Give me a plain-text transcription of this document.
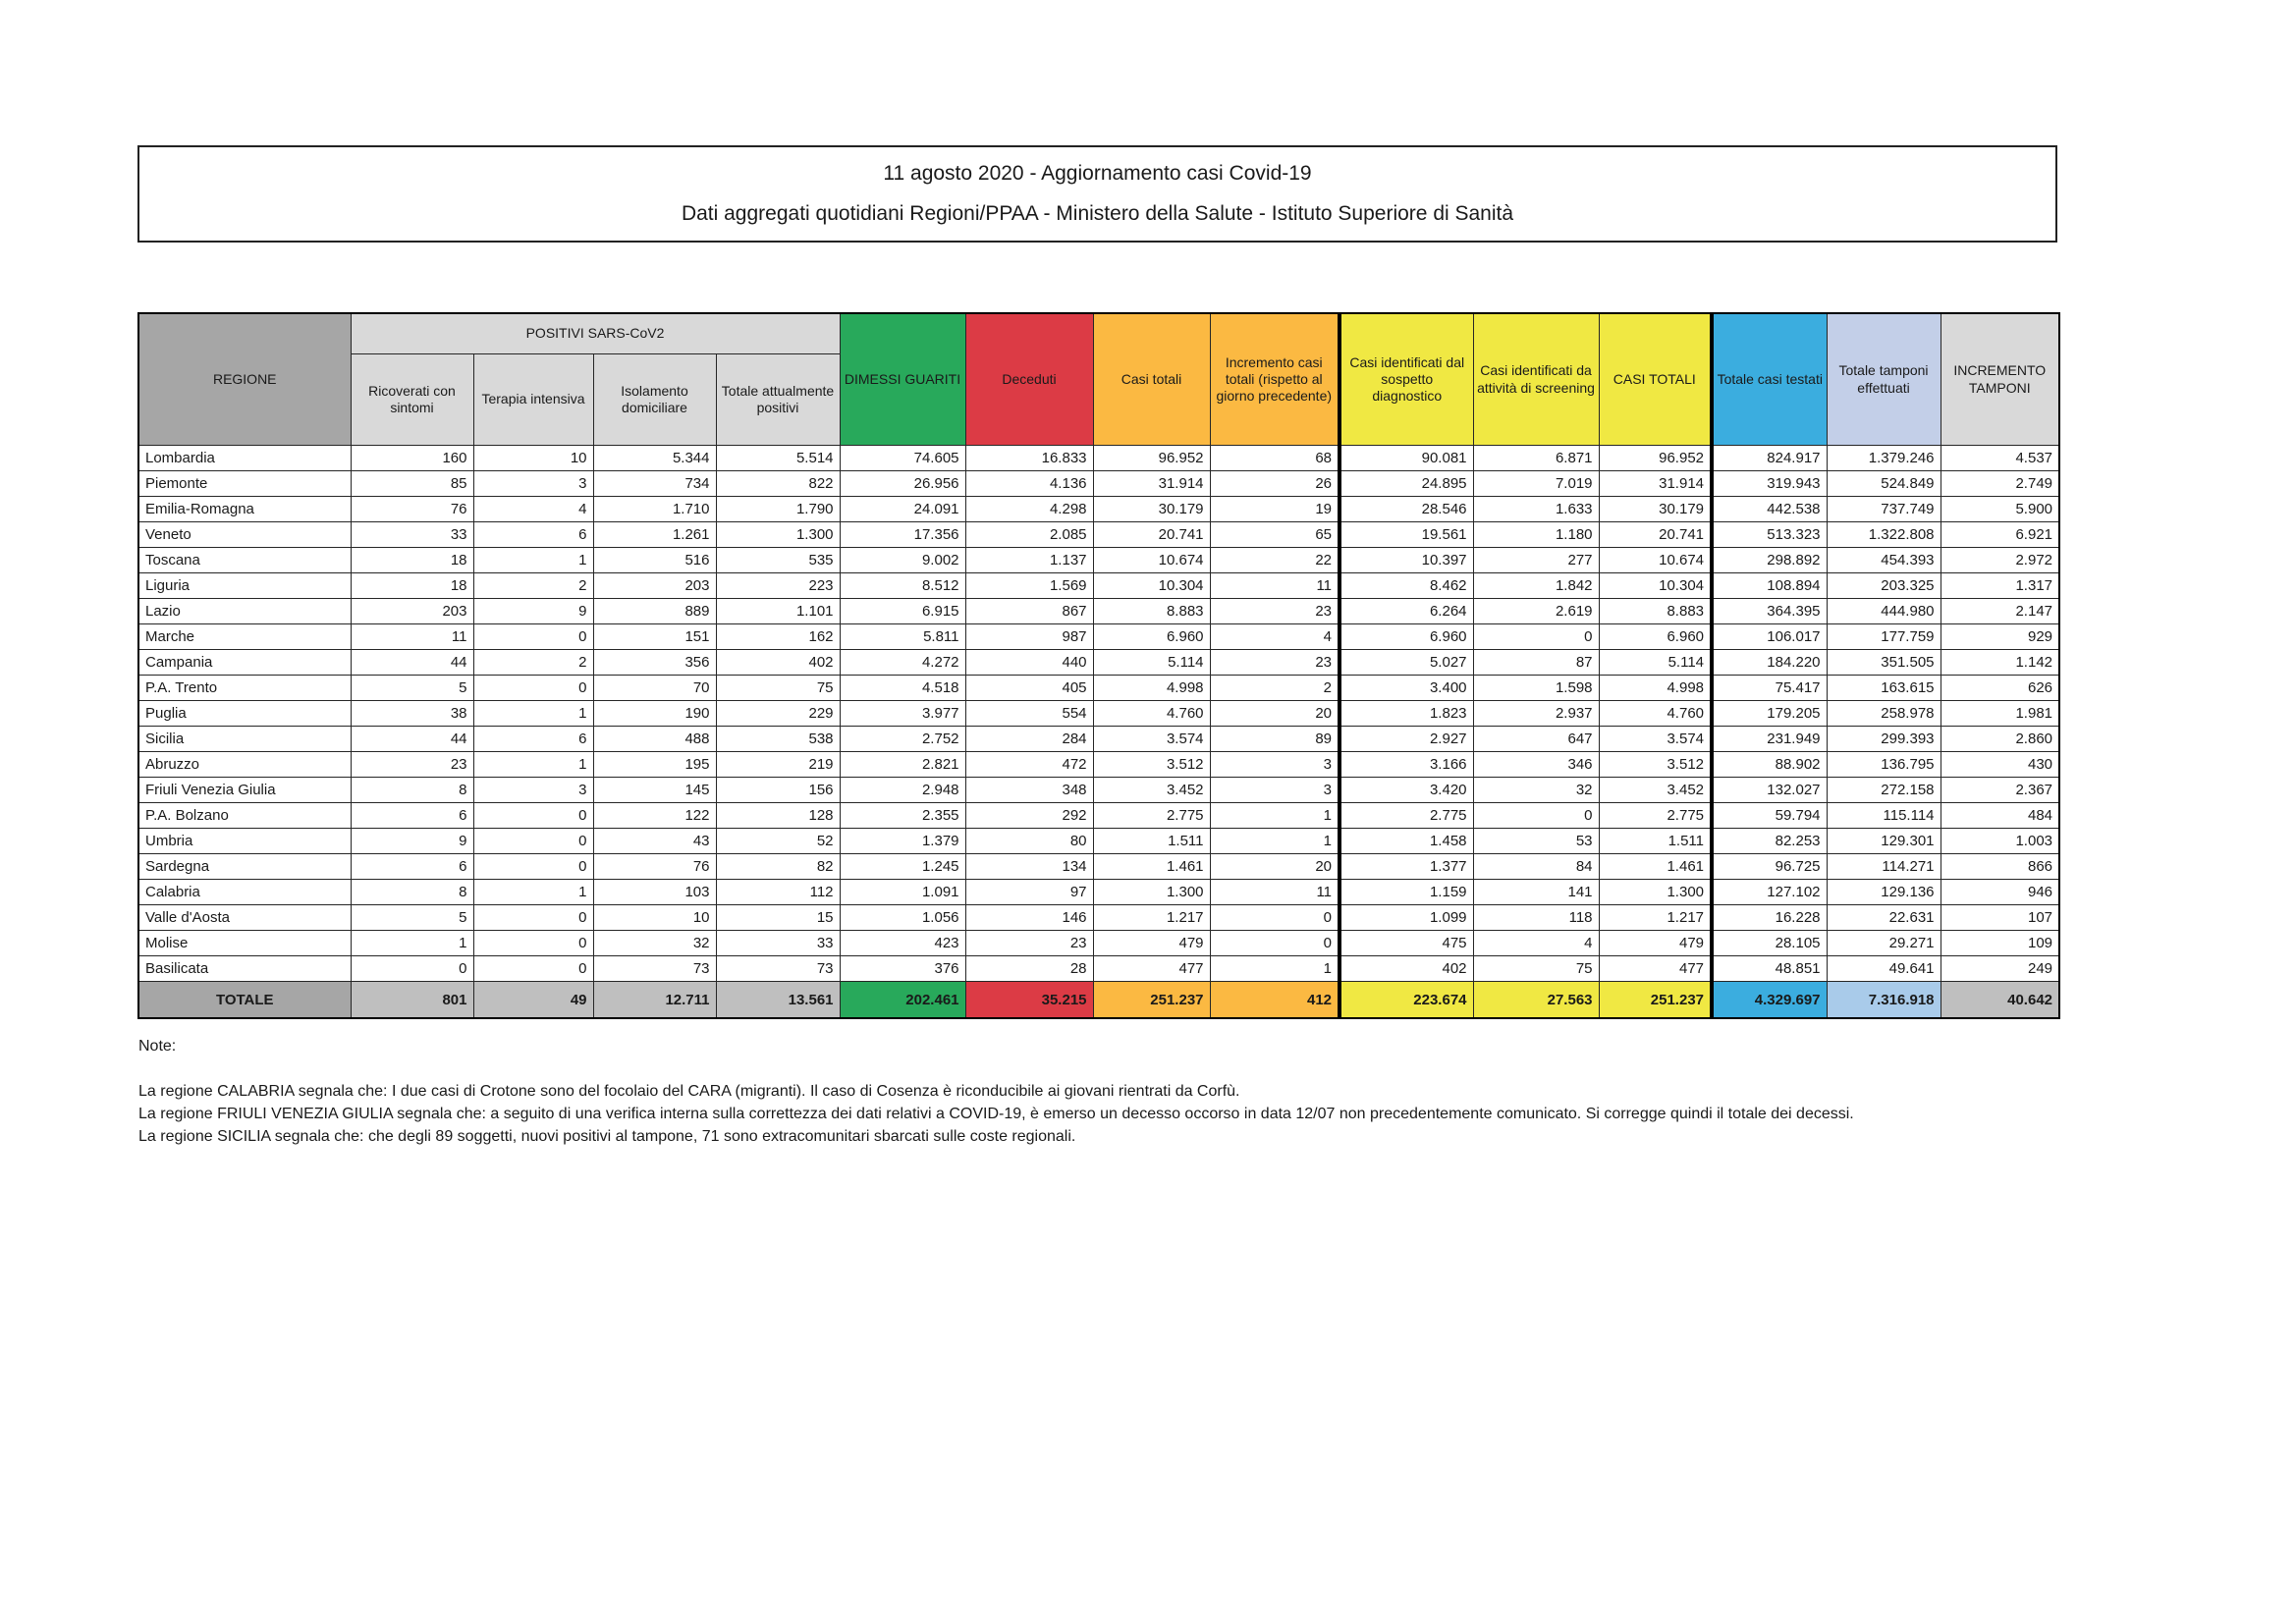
11 agosto 2020 - Aggiornamento casi Covid-19
Dati aggregati quotidiani Regioni/PPAA - Ministero della Salute - Istituto Superiore di Sanità
REGIONE	POSITIVI SARS-CoV2				DIMESSI GUARITI	Deceduti	Casi totali	Incremento casi totali (rispetto al giorno precedente)	Casi identificati dal sospetto diagnostico	Casi identificati da attività di screening	CASI TOTALI	Totale casi testati	Totale tamponi effettuati	INCREMENTO TAMPONI
	Ricoverati con sintomi	Terapia intensiva	Isolamento domiciliare	Totale attualmente positivi										
Lombardia	160	10	5.344	5.514	74.605	16.833	96.952	68	90.081	6.871	96.952	824.917	1.379.246	4.537
Piemonte	85	3	734	822	26.956	4.136	31.914	26	24.895	7.019	31.914	319.943	524.849	2.749
Emilia-Romagna	76	4	1.710	1.790	24.091	4.298	30.179	19	28.546	1.633	30.179	442.538	737.749	5.900
Veneto	33	6	1.261	1.300	17.356	2.085	20.741	65	19.561	1.180	20.741	513.323	1.322.808	6.921
Toscana	18	1	516	535	9.002	1.137	10.674	22	10.397	277	10.674	298.892	454.393	2.972
Liguria	18	2	203	223	8.512	1.569	10.304	11	8.462	1.842	10.304	108.894	203.325	1.317
Lazio	203	9	889	1.101	6.915	867	8.883	23	6.264	2.619	8.883	364.395	444.980	2.147
Marche	11	0	151	162	5.811	987	6.960	4	6.960	0	6.960	106.017	177.759	929
Campania	44	2	356	402	4.272	440	5.114	23	5.027	87	5.114	184.220	351.505	1.142
P.A. Trento	5	0	70	75	4.518	405	4.998	2	3.400	1.598	4.998	75.417	163.615	626
Puglia	38	1	190	229	3.977	554	4.760	20	1.823	2.937	4.760	179.205	258.978	1.981
Sicilia	44	6	488	538	2.752	284	3.574	89	2.927	647	3.574	231.949	299.393	2.860
Abruzzo	23	1	195	219	2.821	472	3.512	3	3.166	346	3.512	88.902	136.795	430
Friuli Venezia Giulia	8	3	145	156	2.948	348	3.452	3	3.420	32	3.452	132.027	272.158	2.367
P.A. Bolzano	6	0	122	128	2.355	292	2.775	1	2.775	0	2.775	59.794	115.114	484
Umbria	9	0	43	52	1.379	80	1.511	1	1.458	53	1.511	82.253	129.301	1.003
Sardegna	6	0	76	82	1.245	134	1.461	20	1.377	84	1.461	96.725	114.271	866
Calabria	8	1	103	112	1.091	97	1.300	11	1.159	141	1.300	127.102	129.136	946
Valle d'Aosta	5	0	10	15	1.056	146	1.217	0	1.099	118	1.217	16.228	22.631	107
Molise	1	0	32	33	423	23	479	0	475	4	479	28.105	29.271	109
Basilicata	0	0	73	73	376	28	477	1	402	75	477	48.851	49.641	249
TOTALE	801	49	12.711	13.561	202.461	35.215	251.237	412	223.674	27.563	251.237	4.329.697	7.316.918	40.642

Note:

La regione CALABRIA segnala che: I due casi di Crotone sono del focolaio del CARA (migranti). Il caso di Cosenza è riconducibile ai giovani rientrati da Corfù.

La regione FRIULI VENEZIA GIULIA segnala che: a seguito di una verifica interna sulla correttezza dei dati relativi a COVID-19, è emerso un decesso occorso in data 12/07 non precedentemente comunicato. Si corregge quindi il totale dei decessi.

La regione SICILIA segnala che: che degli 89 soggetti, nuovi positivi al tampone, 71 sono extracomunitari sbarcati sulle coste regionali.
